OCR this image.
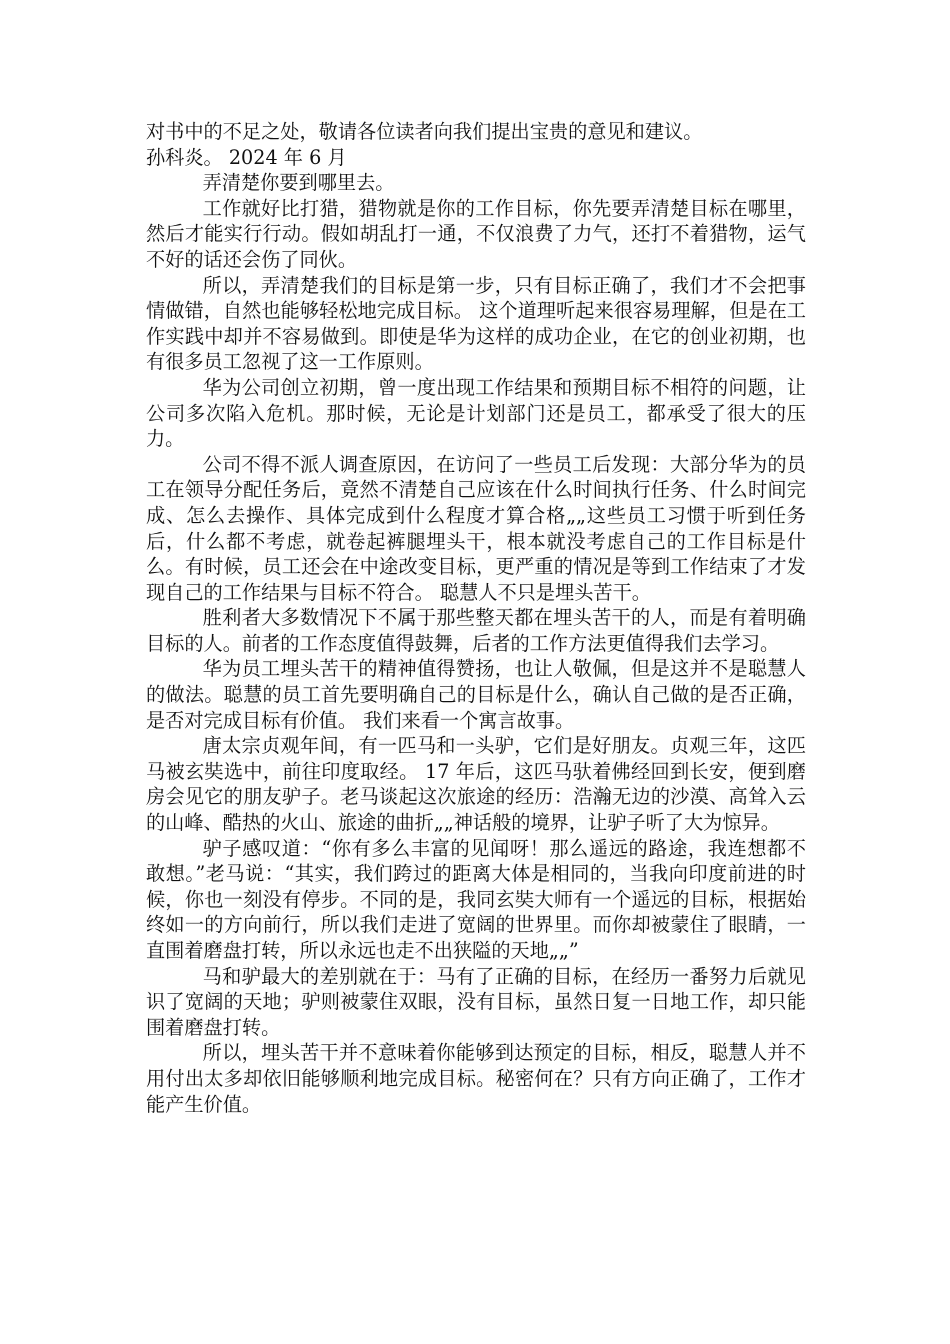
对书中的不足之处，敬请各位读者向我们提出宝贵的意见和建议。

孙科炎。 2024 年 6 月

弄清楚你要到哪里去。

工作就好比打猎，猎物就是你的工作目标，你先要弄清楚目标在哪里，然后才能实行行动。假如胡乱打一通，不仅浪费了力气，还打不着猎物，运气不好的话还会伤了同伙。

所以，弄清楚我们的目标是第一步，只有目标正确了，我们才不会把事情做错，自然也能够轻松地完成目标。 这个道理听起来很容易理解，但是在工作实践中却并不容易做到。即使是华为这样的成功企业，在它的创业初期，也有很多员工忽视了这一工作原则。

华为公司创立初期，曾一度出现工作结果和预期目标不相符的问题，让公司多次陷入危机。那时候，无论是计划部门还是员工，都承受了很大的压力。

公司不得不派人调查原因，在访问了一些员工后发现：大部分华为的员工在领导分配任务后，竟然不清楚自己应该在什么时间执行任务、什么时间完成、怎么去操作、具体完成到什么程度才算合格„„这些员工习惯于听到任务后，什么都不考虑，就卷起裤腿埋头干，根本就没考虑自己的工作目标是什么。有时候，员工还会在中途改变目标，更严重的情况是等到工作结束了才发现自己的工作结果与目标不符合。 聪慧人不只是埋头苦干。

胜利者大多数情况下不属于那些整天都在埋头苦干的人，而是有着明确目标的人。前者的工作态度值得鼓舞，后者的工作方法更值得我们去学习。

华为员工埋头苦干的精神值得赞扬，也让人敬佩，但是这并不是聪慧人的做法。聪慧的员工首先要明确自己的目标是什么，确认自己做的是否正确，是否对完成目标有价值。 我们来看一个寓言故事。

唐太宗贞观年间，有一匹马和一头驴，它们是好朋友。贞观三年，这匹马被玄奘选中，前往印度取经。 17 年后，这匹马驮着佛经回到长安，便到磨房会见它的朋友驴子。老马谈起这次旅途的经历：浩瀚无边的沙漠、高耸入云的山峰、酷热的火山、旅途的曲折„„神话般的境界，让驴子听了大为惊异。

驴子感叹道：“你有多么丰富的见闻呀！那么遥远的路途，我连想都不敢想。”老马说：“其实，我们跨过的距离大体是相同的，当我向印度前进的时候，你也一刻没有停步。不同的是，我同玄奘大师有一个遥远的目标，根据始终如一的方向前行，所以我们走进了宽阔的世界里。而你却被蒙住了眼睛，一直围着磨盘打转，所以永远也走不出狭隘的天地„„”

马和驴最大的差别就在于：马有了正确的目标，在经历一番努力后就见识了宽阔的天地；驴则被蒙住双眼，没有目标，虽然日复一日地工作，却只能围着磨盘打转。

所以，埋头苦干并不意味着你能够到达预定的目标，相反，聪慧人并不用付出太多却依旧能够顺利地完成目标。秘密何在？只有方向正确了，工作才能产生价值。
